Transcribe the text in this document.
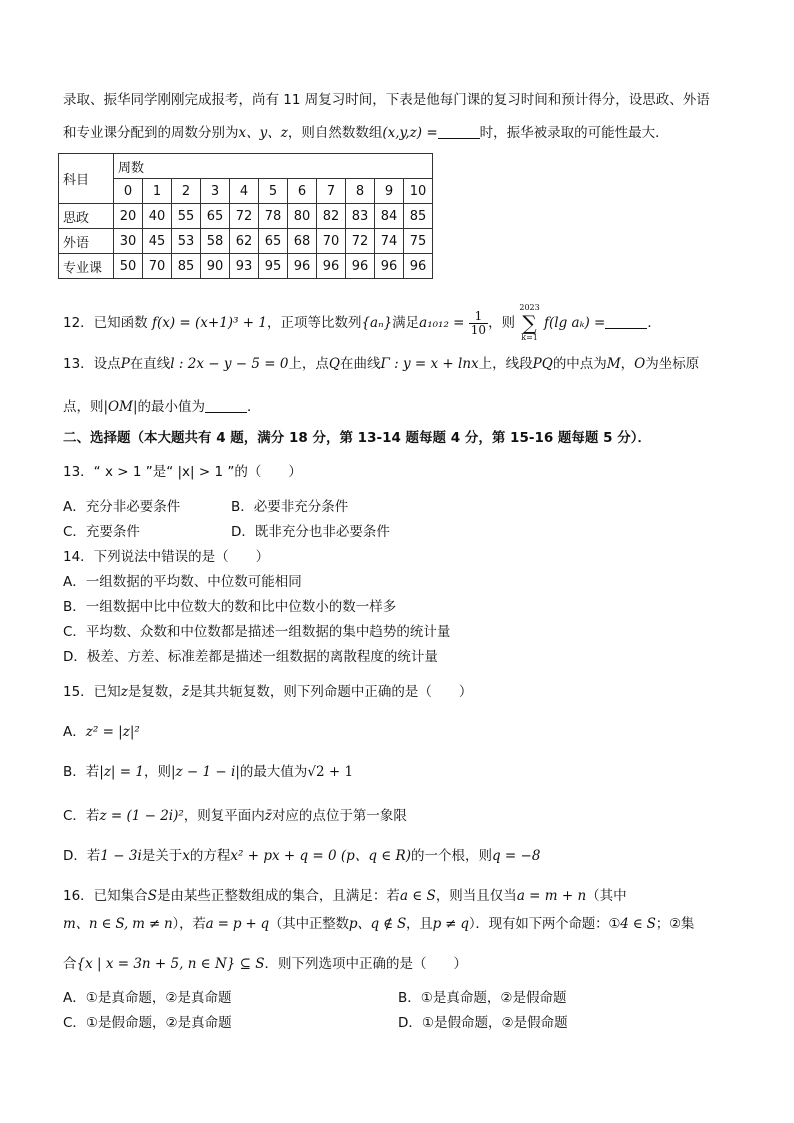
录取、振华同学刚刚完成报考，尚有 11 周复习时间，下表是他每门课的复习时间和预计得分，设思政、外语
和专业课分配到的周数分别为x、y、z，则自然数数组(x,y,z) =	时，振华被录取的可能性最大．
科目	周数										
	0	1	2	3	4	5	6	7	8	9	10
思政	20	40	55	65	72	78	80	82	83	84	85
外语	30	45	53	58	62	65	68	70	72	74	75
专业课	50	70	85	90	93	95	96	96	96	96	96
12．已知函数 f(x) = (x+1)³ + 1，正项等比数列{aₙ}满足$a_{1012} = \frac{1}{10}$ ，则
2023
∑
k=1
f(lg aₖ) =	．
13．设点P在直线l : 2x − y − 5 = 0上，点Q在曲线Γ : y = x + lnx上，线段PQ的中点为M，O为坐标原
点，则|OM|的最小值为	．
二、选择题（本大题共有 4 题，满分 18 分，第 13-14 题每题 4 分，第 15-16 题每题 5 分）．
13．“ x > 1 ”是“ |x| > 1 ”的（　　）
A．充分非必要条件	B．必要非充分条件
C．充要条件	D．既非充分也非必要条件
14．下列说法中错误的是（　　）
A．一组数据的平均数、中位数可能相同
B．一组数据中比中位数大的数和比中位数小的数一样多
C．平均数、众数和中位数都是描述一组数据的集中趋势的统计量
D．极差、方差、标准差都是描述一组数据的离散程度的统计量
15．已知z是复数，z̄是其共轭复数，则下列命题中正确的是（　　）
A．z² = |z|²
B．若|z| = 1，则|z − 1 − i|的最大值为√2 + 1
C．若z = (1 − 2i)²，则复平面内z̄对应的点位于第一象限
D．若1 − 3i是关于x的方程x² + px + q = 0 (p、q ∈ R)的一个根，则q = −8
16．已知集合S是由某些正整数组成的集合，且满足：若a ∈ S，则当且仅当a = m + n（其中
m、n ∈ S, m ≠ n），若a = p + q（其中正整数p、q ∉ S，且p ≠ q）．现有如下两个命题：①4 ∈ S；②集
合{x | x = 3n + 5, n ∈ N} ⊆ S．则下列选项中正确的是（　　）
A．①是真命题，②是真命题	B．①是真命题，②是假命题
C．①是假命题，②是真命题	D．①是假命题，②是假命题
